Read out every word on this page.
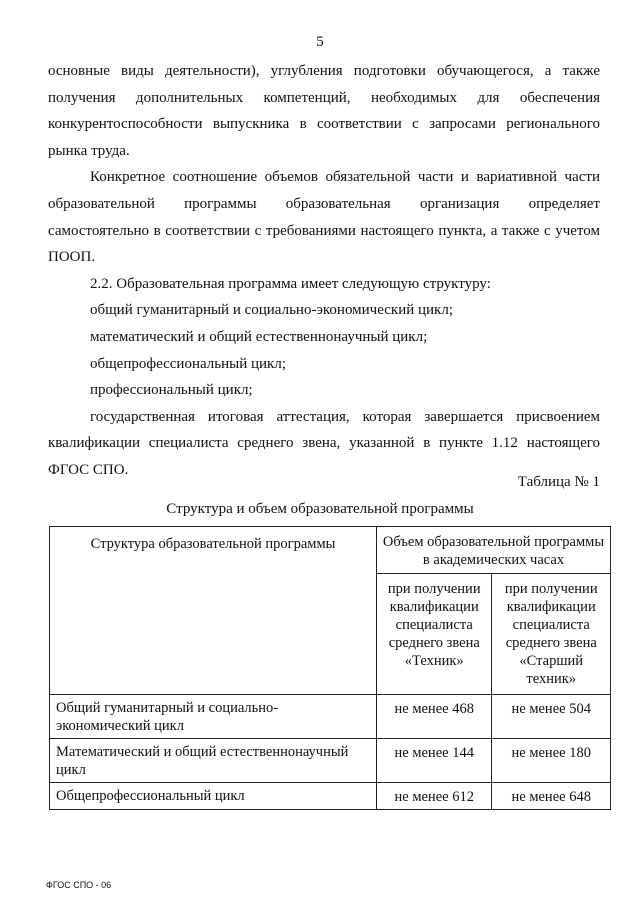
5

основные виды деятельности), углубления подготовки обучающегося, а также получения дополнительных компетенций, необходимых для обеспечения конкурентоспособности выпускника в соответствии с запросами регионального рынка труда.

Конкретное соотношение объемов обязательной части и вариативной части образовательной программы образовательная организация определяет самостоятельно в соответствии с требованиями настоящего пункта, а также с учетом ПООП.

2.2. Образовательная программа имеет следующую структуру:

общий гуманитарный и социально-экономический цикл;

математический и общий естественнонаучный цикл;

общепрофессиональный цикл;

профессиональный цикл;

государственная итоговая аттестация, которая завершается присвоением квалификации специалиста среднего звена, указанной в пункте 1.12 настоящего ФГОС СПО.

Таблица № 1
Структура и объем образовательной программы
Структура образовательной программы	Объем образовательной программы в академических часах	
	при получении квалификации специалиста среднего звена «Техник»	при получении квалификации специалиста среднего звена «Старший техник»
Общий гуманитарный и социально-экономический цикл	не менее 468	не менее 504
Математический и общий естественнонаучный цикл	не менее 144	не менее 180
Общепрофессиональный цикл	не менее 612	не менее 648
ФГОС СПО - 06
